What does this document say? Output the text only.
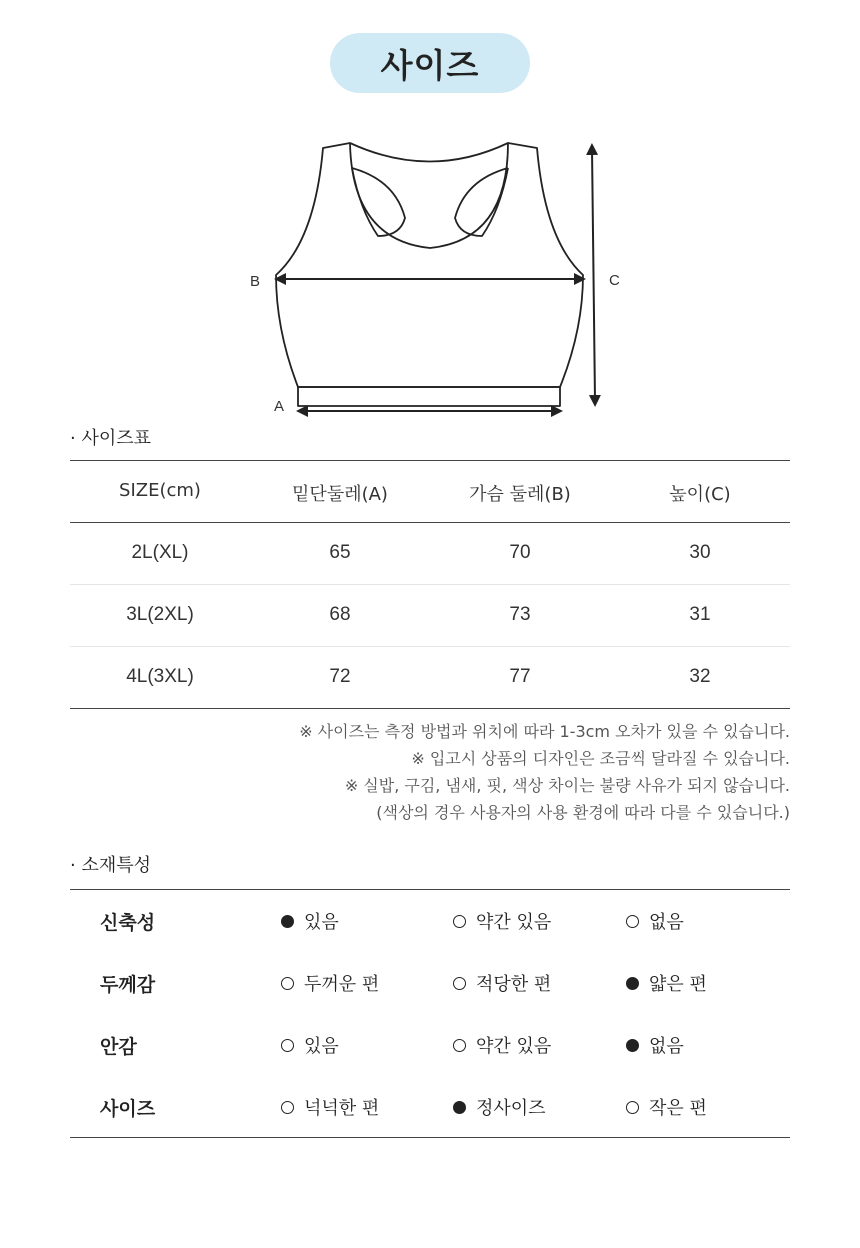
사이즈
B
A
C
· 사이즈표
SIZE(cm)	밑단둘레(A)	가슴 둘레(B)	높이(C)
2L(XL)	65	70	30
3L(2XL)	68	73	31
4L(3XL)	72	77	32
※ 사이즈는 측정 방법과 위치에 따라 1-3cm 오차가 있을 수 있습니다.
※ 입고시 상품의 디자인은 조금씩 달라질 수 있습니다.
※ 실밥, 구김, 냄새, 핏, 색상 차이는 불량 사유가 되지 않습니다.
(색상의 경우 사용자의 사용 환경에 따라 다를 수 있습니다.)
· 소재특성
신축성	있음	약간 있음	없음
두께감	두꺼운 편	적당한 편	얇은 편
안감	있음	약간 있음	없음
사이즈	넉넉한 편	정사이즈	작은 편
